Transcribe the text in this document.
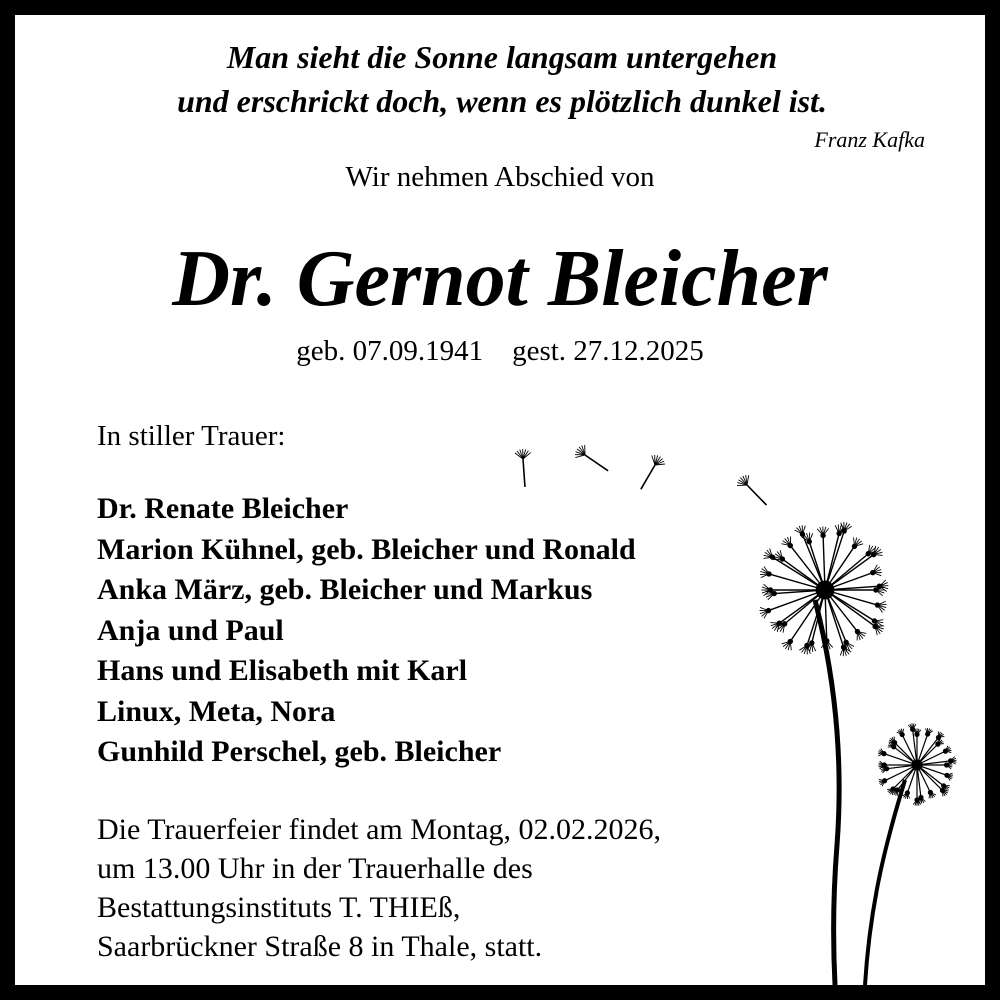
Man sieht die Sonne langsam untergehen
und erschrickt doch, wenn es plötzlich dunkel ist.
Franz Kafka
Wir nehmen Abschied von
Dr. Gernot Bleicher
geb. 07.09.1941    gest. 27.12.2025
In stiller Trauer:
Dr. Renate Bleicher
Marion Kühnel, geb. Bleicher und Ronald
Anka März, geb. Bleicher und Markus
Anja und Paul
Hans und Elisabeth mit Karl
Linux, Meta, Nora
Gunhild Perschel, geb. Bleicher
Die Trauerfeier findet am Montag, 02.02.2026,
um 13.00 Uhr in der Trauerhalle des
Bestattungsinstituts T. THIEß,
Saarbrückner Straße 8 in Thale, statt.
